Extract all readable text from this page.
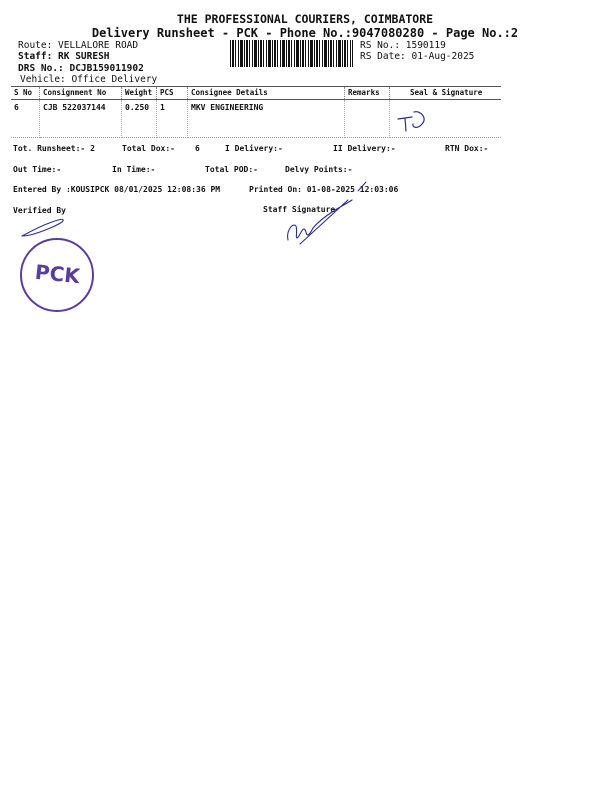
THE PROFESSIONAL COURIERS, COIMBATORE
Delivery Runsheet - PCK - Phone No.:9047080280 - Page No.:2
Route: VELLALORE ROAD
Staff: RK SURESH
DRS No.: DCJB159011902
Vehicle: Office Delivery
RS No.: 1590119
RS Date: 01-Aug-2025
S No	Consignment No	Weight	PCS	Consignee Details	Remarks	Seal & Signature
6	CJB 522037144	0.250	1	MKV ENGINEERING		
Tot. Runsheet:- 2	Total Dox:-	6	I Delivery:-	II Delivery:-	RTN Dox:-
Out Time:-	In Time:-	Total POD:-	Delvy Points:-
Entered By :KOUSIPCK 08/01/2025 12:08:36 PM	Printed On: 01-08-2025 12:03:06
Verified By	Staff Signature
PCK
